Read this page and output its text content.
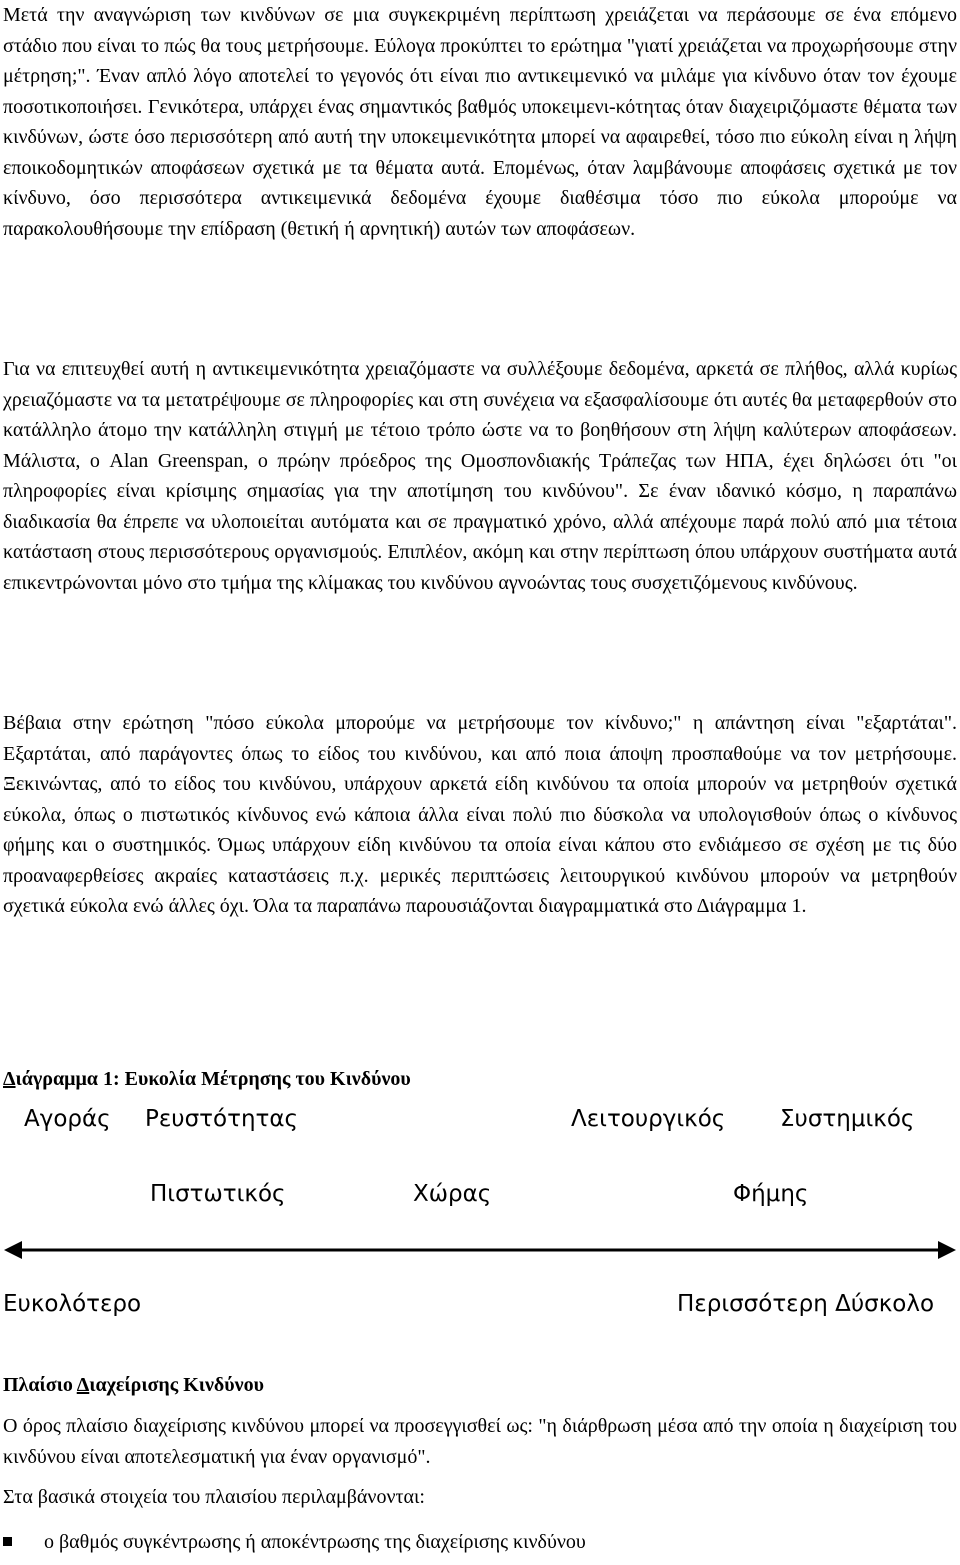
Μετά την αναγνώριση των κινδύνων σε μια συγκεκριμένη περίπτωση χρειάζεται να περάσουμε σε ένα επόμενο στάδιο που είναι το πώς θα τους μετρήσουμε. Εύλογα προκύπτει το ερώτημα "γιατί χρειάζεται να προχωρήσουμε στην μέτρηση;". Έναν απλό λόγο αποτελεί το γεγονός ότι είναι πιο αντικειμενικό να μιλάμε για κίνδυνο όταν τον έχουμε ποσοτικοποιήσει. Γενικότερα, υπάρχει ένας σημαντικός βαθμός υποκειμενι-κότητας όταν διαχειριζόμαστε θέματα των κινδύνων, ώστε όσο περισσότερη από αυτή την υποκειμενικότητα μπορεί να αφαιρεθεί, τόσο πιο εύκολη είναι η λήψη εποικοδομητικών αποφάσεων σχετικά με τα θέματα αυτά. Επομένως, όταν λαμβάνουμε αποφάσεις σχετικά με τον κίνδυνο, όσο περισσότερα αντικειμενικά δεδομένα έχουμε διαθέσιμα τόσο πιο εύκολα μπορούμε να παρακολουθήσουμε την επίδραση (θετική ή αρνητική) αυτών των αποφάσεων.

Για να επιτευχθεί αυτή η αντικειμενικότητα χρειαζόμαστε να συλλέξουμε δεδομένα, αρκετά σε πλήθος, αλλά κυρίως χρειαζόμαστε να τα μετατρέψουμε σε πληροφορίες και στη συνέχεια να εξασφαλίσουμε ότι αυτές θα μεταφερθούν στο κατάλληλο άτομο την κατάλληλη στιγμή με τέτοιο τρόπο ώστε να το βοηθήσουν στη λήψη καλύτερων αποφάσεων. Μάλιστα, ο Alan Greenspan, ο πρώην πρόεδρος της Ομοσπονδιακής Τράπεζας των ΗΠΑ, έχει δηλώσει ότι "οι πληροφορίες είναι κρίσιμης σημασίας για την αποτίμηση του κινδύνου". Σε έναν ιδανικό κόσμο, η παραπάνω διαδικασία θα έπρεπε να υλοποιείται αυτόματα και σε πραγματικό χρόνο, αλλά απέχουμε παρά πολύ από μια τέτοια κατάσταση στους περισσότερους οργανισμούς. Επιπλέον, ακόμη και στην περίπτωση όπου υπάρχουν συστήματα αυτά επικεντρώνονται μόνο στο τμήμα της κλίμακας του κινδύνου αγνοώντας τους συσχετιζόμενους κινδύνους.

Βέβαια στην ερώτηση "πόσο εύκολα μπορούμε να μετρήσουμε τον κίνδυνο;" η απάντηση είναι "εξαρτάται". Εξαρτάται, από παράγοντες όπως το είδος του κινδύνου, και από ποια άποψη προσπαθούμε να τον μετρήσουμε. Ξεκινώντας, από το είδος του κινδύνου, υπάρχουν αρκετά είδη κινδύνου τα οποία μπορούν να μετρηθούν σχετικά εύκολα, όπως ο πιστωτικός κίνδυνος ενώ κάποια άλλα είναι πολύ πιο δύσκολα να υπολογισθούν όπως ο κίνδυνος φήμης και ο συστημικός. Όμως υπάρχουν είδη κινδύνου τα οποία είναι κάπου στο ενδιάμεσο σε σχέση με τις δύο προαναφερθείσες ακραίες καταστάσεις π.χ. μερικές περιπτώσεις λειτουργικού κινδύνου μπορούν να μετρηθούν σχετικά εύκολα ενώ άλλες όχι. Όλα τα παραπάνω παρουσιάζονται διαγραμματικά στο Διάγραμμα 1.

Διάγραμμα 1: Ευκολία Μέτρησης του Κινδύνου

Αγοράς Ρευστότητας	Λειτουργικός Συστημικός
Πιστωτικός	Χώρας	Φήμης
Ευκολότερο	Περισσότερη Δύσκολο

Πλαίσιο Διαχείρισης Κινδύνου

Ο όρος πλαίσιο διαχείρισης κινδύνου μπορεί να προσεγγισθεί ως: "η διάρθρωση μέσα από την οποία η διαχείριση του κινδύνου είναι αποτελεσματική για έναν οργανισμό".

Στα βασικά στοιχεία του πλαισίου περιλαμβάνονται:

ο βαθμός συγκέντρωσης ή αποκέντρωσης της διαχείρισης κινδύνου
